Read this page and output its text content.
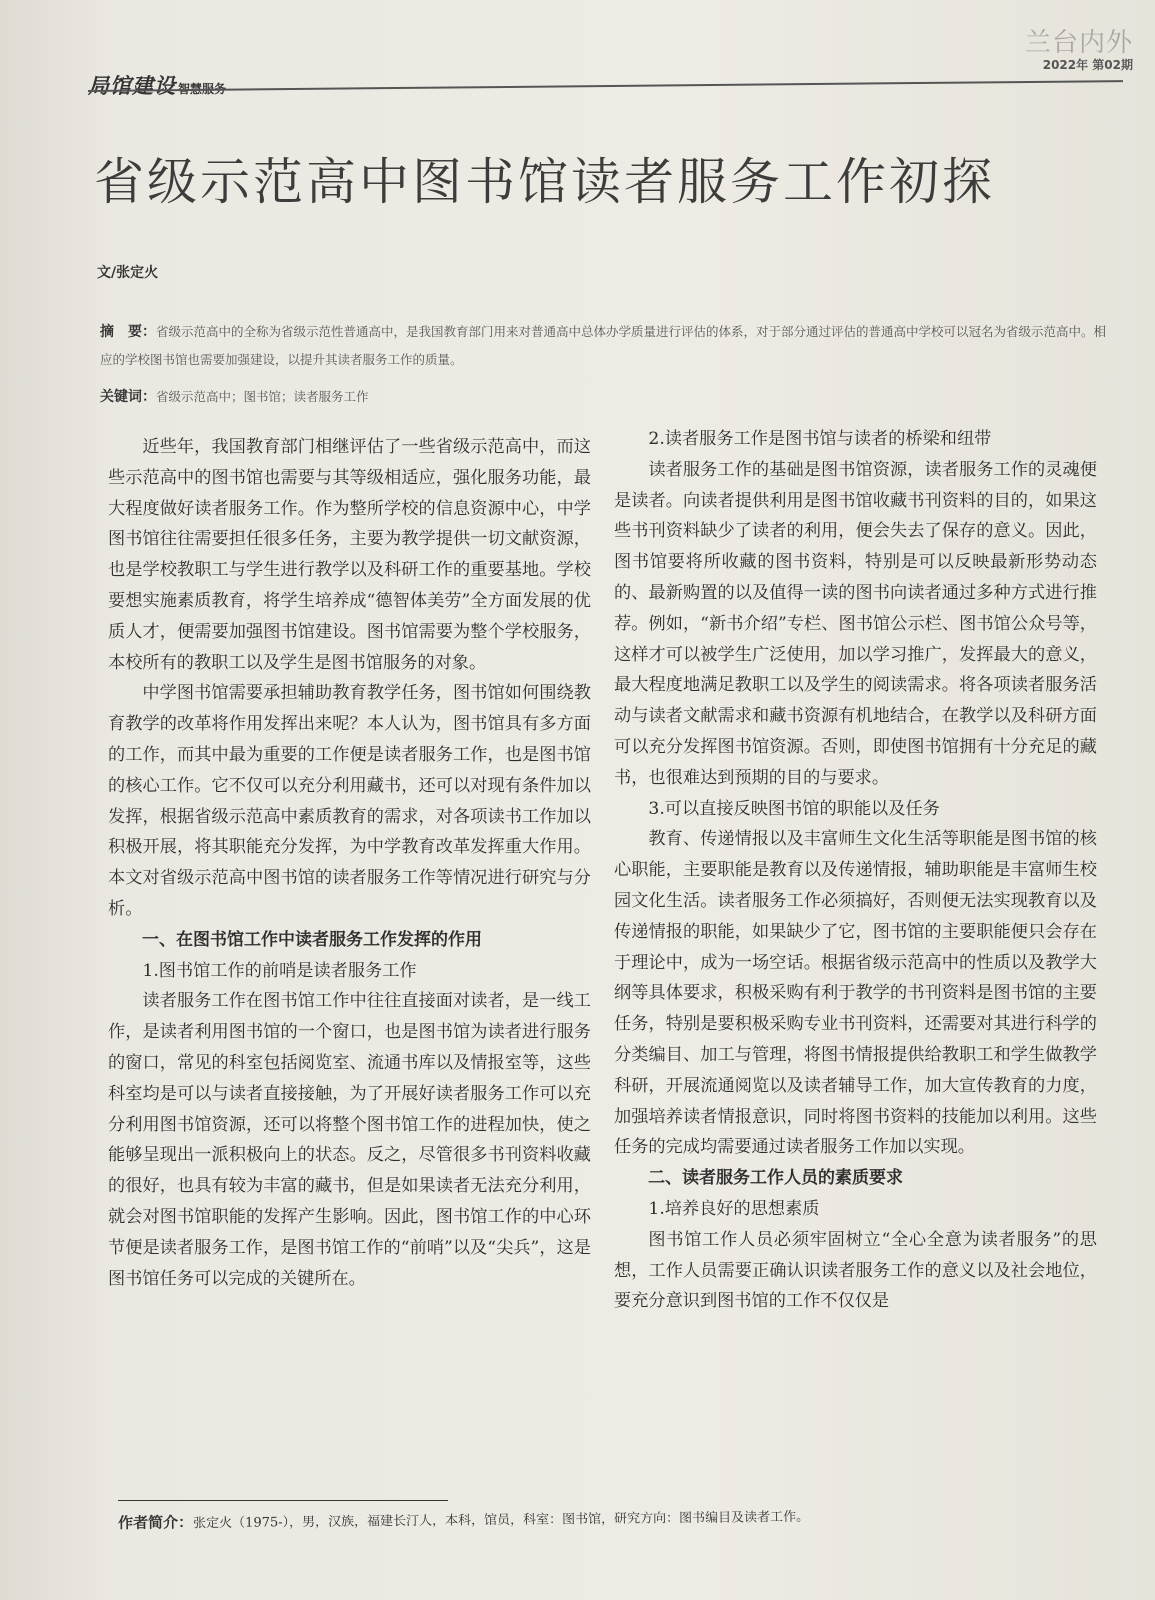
兰台内外
2022年 第02期
局馆建设 智慧服务
省级示范高中图书馆读者服务工作初探
文/张定火

摘　要：省级示范高中的全称为省级示范性普通高中，是我国教育部门用来对普通高中总体办学质量进行评估的体系，对于部分通过评估的普通高中学校可以冠名为省级示范高中。相应的学校图书馆也需要加强建设，以提升其读者服务工作的质量。

关键词：省级示范高中；图书馆；读者服务工作

近些年，我国教育部门相继评估了一些省级示范高中，而这些示范高中的图书馆也需要与其等级相适应，强化服务功能，最大程度做好读者服务工作。作为整所学校的信息资源中心，中学图书馆往往需要担任很多任务，主要为教学提供一切文献资源，也是学校教职工与学生进行教学以及科研工作的重要基地。学校要想实施素质教育，将学生培养成“德智体美劳”全方面发展的优质人才，便需要加强图书馆建设。图书馆需要为整个学校服务，本校所有的教职工以及学生是图书馆服务的对象。

中学图书馆需要承担辅助教育教学任务，图书馆如何围绕教育教学的改革将作用发挥出来呢？本人认为，图书馆具有多方面的工作，而其中最为重要的工作便是读者服务工作，也是图书馆的核心工作。它不仅可以充分利用藏书，还可以对现有条件加以发挥，根据省级示范高中素质教育的需求，对各项读书工作加以积极开展，将其职能充分发挥，为中学教育改革发挥重大作用。本文对省级示范高中图书馆的读者服务工作等情况进行研究与分析。

一、在图书馆工作中读者服务工作发挥的作用
1.图书馆工作的前哨是读者服务工作

读者服务工作在图书馆工作中往往直接面对读者，是一线工作，是读者利用图书馆的一个窗口，也是图书馆为读者进行服务的窗口，常见的科室包括阅览室、流通书库以及情报室等，这些科室均是可以与读者直接接触，为了开展好读者服务工作可以充分利用图书馆资源，还可以将整个图书馆工作的进程加快，使之能够呈现出一派积极向上的状态。反之，尽管很多书刊资料收藏的很好，也具有较为丰富的藏书，但是如果读者无法充分利用，就会对图书馆职能的发挥产生影响。因此，图书馆工作的中心环节便是读者服务工作，是图书馆工作的“前哨”以及“尖兵”，这是图书馆任务可以完成的关键所在。

2.读者服务工作是图书馆与读者的桥梁和纽带

读者服务工作的基础是图书馆资源，读者服务工作的灵魂便是读者。向读者提供利用是图书馆收藏书刊资料的目的，如果这些书刊资料缺少了读者的利用，便会失去了保存的意义。因此，图书馆要将所收藏的图书资料，特别是可以反映最新形势动态的、最新购置的以及值得一读的图书向读者通过多种方式进行推荐。例如，“新书介绍”专栏、图书馆公示栏、图书馆公众号等，这样才可以被学生广泛使用，加以学习推广，发挥最大的意义，最大程度地满足教职工以及学生的阅读需求。将各项读者服务活动与读者文献需求和藏书资源有机地结合，在教学以及科研方面可以充分发挥图书馆资源。否则，即使图书馆拥有十分充足的藏书，也很难达到预期的目的与要求。

3.可以直接反映图书馆的职能以及任务

教育、传递情报以及丰富师生文化生活等职能是图书馆的核心职能，主要职能是教育以及传递情报，辅助职能是丰富师生校园文化生活。读者服务工作必须搞好，否则便无法实现教育以及传递情报的职能，如果缺少了它，图书馆的主要职能便只会存在于理论中，成为一场空话。根据省级示范高中的性质以及教学大纲等具体要求，积极采购有利于教学的书刊资料是图书馆的主要任务，特别是要积极采购专业书刊资料，还需要对其进行科学的分类编目、加工与管理，将图书情报提供给教职工和学生做教学科研，开展流通阅览以及读者辅导工作，加大宣传教育的力度，加强培养读者情报意识，同时将图书资料的技能加以利用。这些任务的完成均需要通过读者服务工作加以实现。

二、读者服务工作人员的素质要求
1.培养良好的思想素质

图书馆工作人员必须牢固树立“全心全意为读者服务”的思想，工作人员需要正确认识读者服务工作的意义以及社会地位，要充分意识到图书馆的工作不仅仅是

作者简介：张定火（1975-），男，汉族，福建长汀人，本科，馆员，科室：图书馆，研究方向：图书编目及读者工作。
